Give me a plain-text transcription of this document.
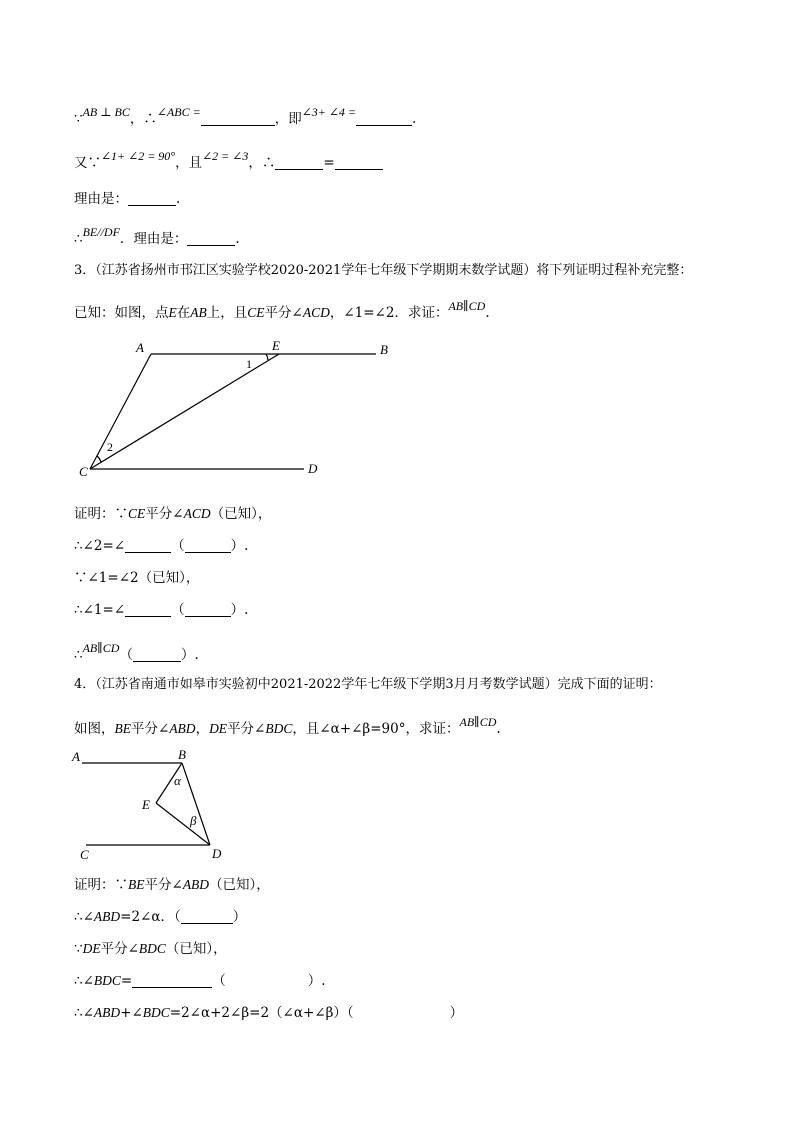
∵AB ⊥ BC，∴∠ABC =	，即∠3+ ∠4 =	.
又∵∠1+ ∠2 = 90°，且∠2 = ∠3，∴	=
理由是：	.
∴BE//DF．理由是：	.
3．（江苏省扬州市邗江区实验学校2020-2021学年七年级下学期期末数学试题）将下列证明过程补充完整：
已知：如图，点E在AB上，且CE平分∠ACD，∠1=∠2．求证：AB∥CD.
A	E	B
C	D
1
2
证明：∵CE平分∠ACD（已知），
∴∠2=∠	（	）.
∵∠1=∠2（已知），
∴∠1=∠	（	）.
∴AB∥CD（	）.
4．（江苏省南通市如皋市实验初中2021-2022学年七年级下学期3月月考数学试题）完成下面的证明：
如图，BE平分∠ABD，DE平分∠BDC，且∠α+∠β=90°，求证：AB∥CD.
A	B
E
C	D
α
β
证明：∵BE平分∠ABD（已知），
∴∠ABD=2∠α．（	）
∵DE平分∠BDC（已知），
∴∠BDC=	（	）.
∴∠ABD+∠BDC=2∠α+2∠β=2（∠α+∠β）（	）
